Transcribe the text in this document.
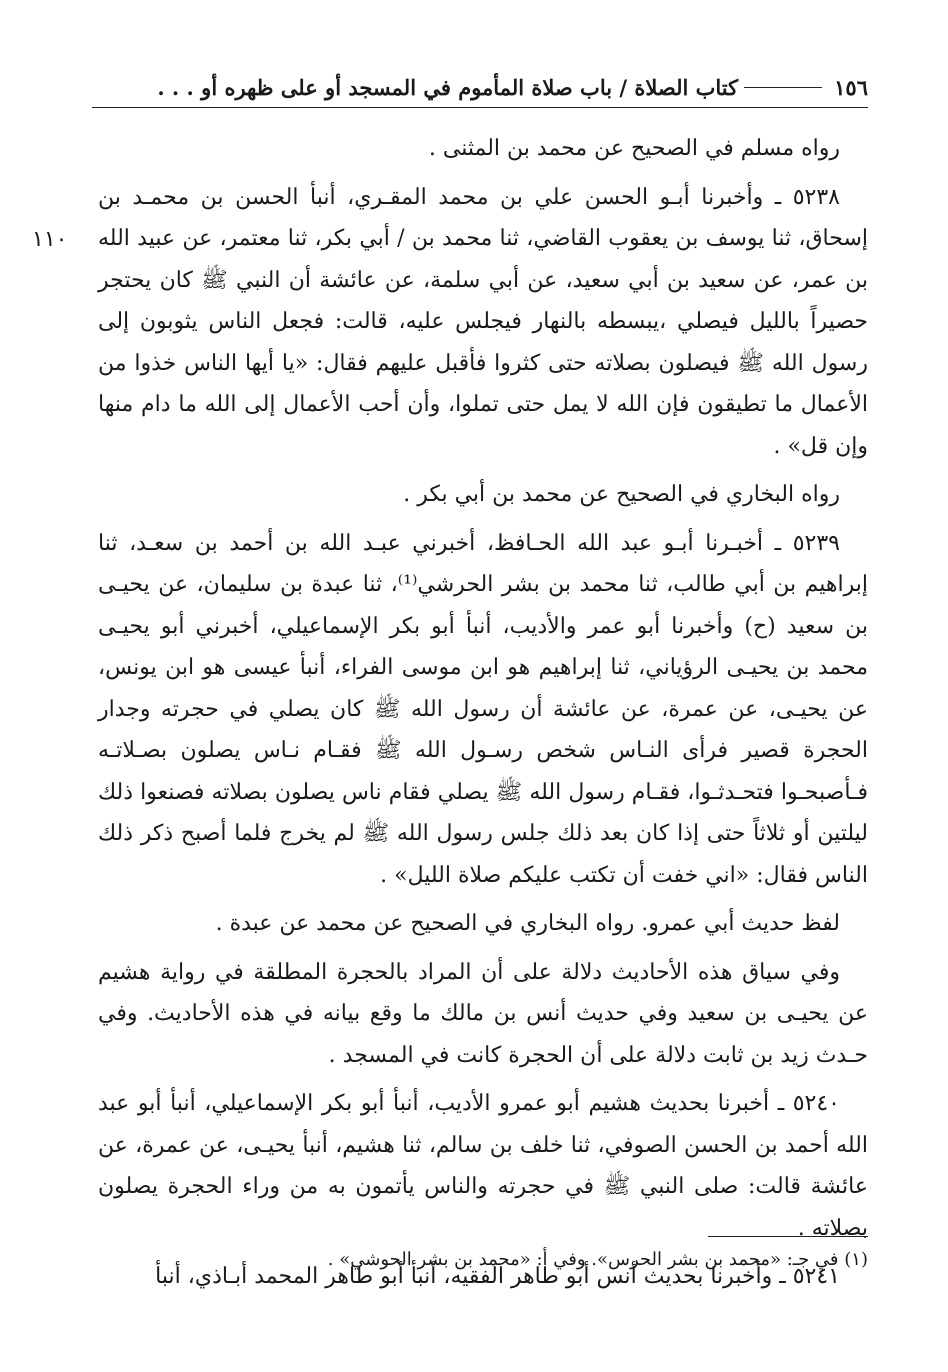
١٥٦
كتاب الصلاة / باب صلاة المأموم في المسجد أو على ظهره أو . . .
١١٠

رواه مسلم في الصحيح عن محمد بن المثنى .

٥٢٣٨ ـ وأخبرنا أبـو الحسن علي بن محمد المقـري، أنبأ الحسن بن محمـد بن إسحاق، ثنا يوسف بن يعقوب القاضي، ثنا محمد بن / أبي بكر، ثنا معتمر، عن عبيد الله بن عمر، عن سعيد بن أبي سعيد، عن أبي سلمة، عن عائشة أن النبي ﷺ كان يحتجر حصيراً بالليل فيصلي ،يبسطه بالنهار فيجلس عليه، قالت: فجعل الناس يثوبون إلى رسول الله ﷺ فيصلون بصلاته حتى كثروا فأقبل عليهم فقال: «يا أيها الناس خذوا من الأعمال ما تطيقون فإن الله لا يمل حتى تملوا، وأن أحب الأعمال إلى الله ما دام منها وإن قل» .

رواه البخاري في الصحيح عن محمد بن أبي بكر .

٥٢٣٩ ـ أخبـرنا أبـو عبد الله الحـافظ، أخبرني عبـد الله بن أحمد بن سعـد، ثنا إبراهيم بن أبي طالب، ثنا محمد بن بشر الحرشي⁽¹⁾، ثنا عبدة بن سليمان، عن يحيـى بن سعيد (ح) وأخبرنا أبو عمر والأديب، أنبأ أبو بكر الإسماعيلي، أخبرني أبو يحيـى محمد بن يحيـى الرؤياني، ثنا إبراهيم هو ابن موسى الفراء، أنبأ عيسى هو ابن يونس، عن يحيـى، عن عمرة، عن عائشة أن رسول الله ﷺ كان يصلي في حجرته وجدار الحجرة قصير فرأى النـاس شخص رسـول الله ﷺ فقـام نـاس يصلون بصـلاتـه فـأصبحـوا فتحـدثـوا، فقـام رسول الله ﷺ يصلي فقام ناس يصلون بصلاته فصنعوا ذلك ليلتين أو ثلاثاً حتى إذا كان بعد ذلك جلس رسول الله ﷺ لم يخرج فلما أصبح ذكر ذلك الناس فقال: «اني خفت أن تكتب عليكم صلاة الليل» .

لفظ حديث أبي عمرو. رواه البخاري في الصحيح عن محمد عن عبدة .

وفي سياق هذه الأحاديث دلالة على أن المراد بالحجرة المطلقة في رواية هشيم عن يحيـى بن سعيد وفي حديث أنس بن مالك ما وقع بيانه في هذه الأحاديث. وفي حـدث زيد بن ثابت دلالة على أن الحجرة كانت في المسجد .

٥٢٤٠ ـ أخبرنا بحديث هشيم أبو عمرو الأديب، أنبأ أبو بكر الإسماعيلي، أنبأ أبو عبد الله أحمد بن الحسن الصوفي، ثنا خلف بن سالم، ثنا هشيم، أنبأ يحيـى، عن عمرة، عن عائشة قالت: صلى النبي ﷺ في حجرته والناس يأتمون به من وراء الحجرة يصلون بصلاته .

٥٢٤١ ـ وأخبرنا بحديث أنس أبو طاهر الفقيه، أنبأ أبو طاهر المحمد أبـاذي، أنبأ

(١) في جـ: «محمد بن بشر الحرس». وفي أ: «محمد بن بشر الحوشي» .
